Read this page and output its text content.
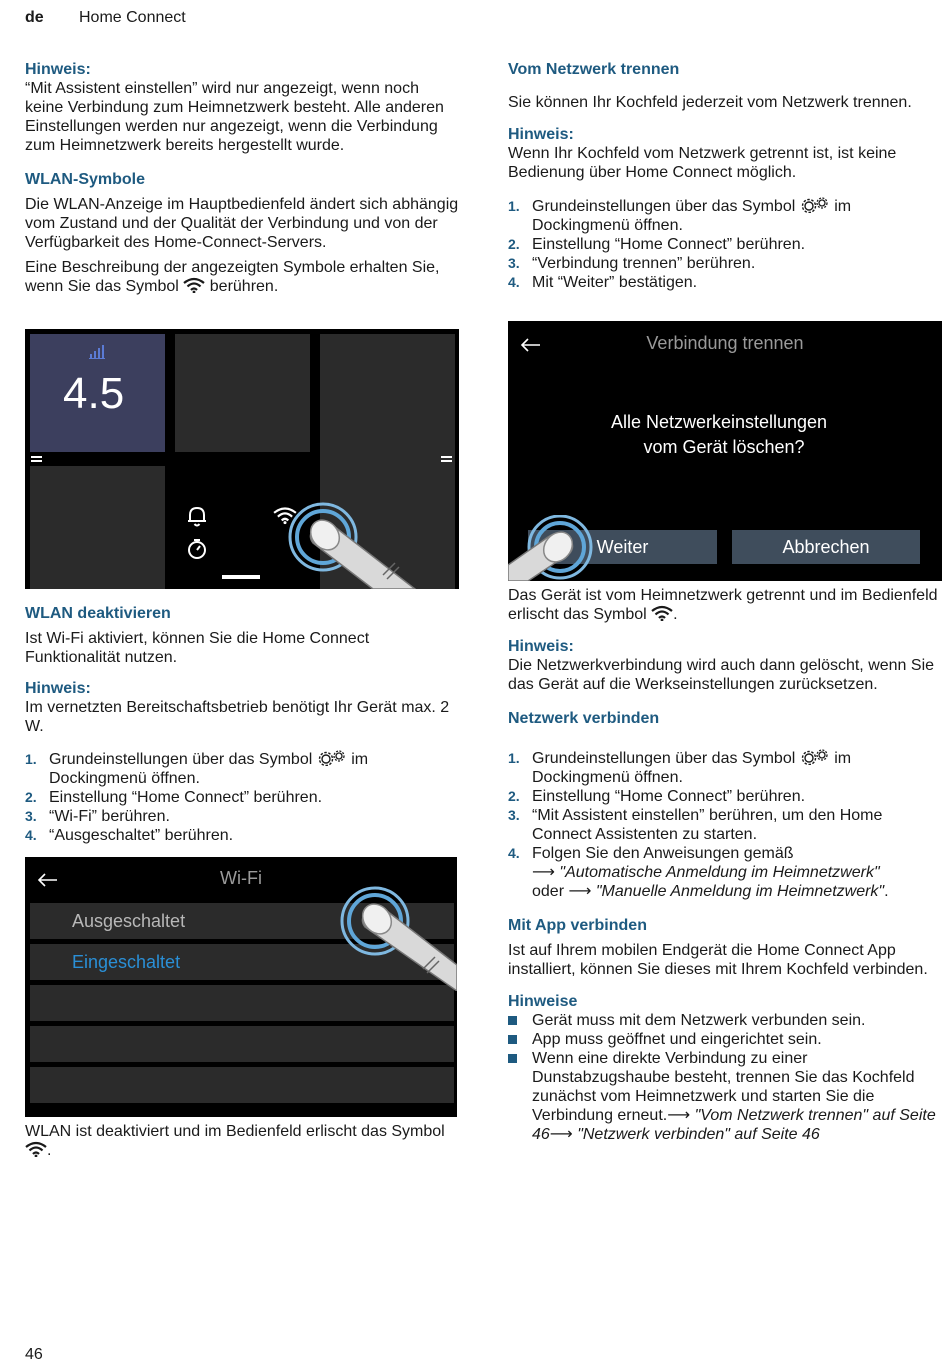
de Home Connect
Hinweis:

“Mit Assistent einstellen” wird nur angezeigt, wenn noch keine Verbindung zum Heimnetzwerk besteht. Alle anderen Einstellungen werden nur angezeigt, wenn die Verbindung zum Heimnetzwerk bereits hergestellt wurde.

WLAN-Symbole

Die WLAN-Anzeige im Hauptbedienfeld ändert sich abhängig vom Zustand und der Qualität der Verbindung und von der Verfügbarkeit des Home-Connect-Servers.

Eine Beschreibung der angezeigten Symbole erhalten Sie, wenn Sie das Symbol berühren.

4.5
WLAN deaktivieren

Ist Wi-Fi aktiviert, können Sie die Home Connect Funktionalität nutzen.

Hinweis:

Im vernetzten Bereitschaftsbetrieb benötigt Ihr Gerät max. 2 W.

1. Grundeinstellungen über das Symbol im Dockingmenü öffnen.
2. Einstellung “Home Connect” berühren.
3. “Wi-Fi” berühren.
4. “Ausgeschaltet” berühren.
Wi-Fi
Ausgeschaltet
Eingeschaltet

WLAN ist deaktiviert und im Bedienfeld erlischt das Symbol .

Vom Netzwerk trennen

Sie können Ihr Kochfeld jederzeit vom Netzwerk trennen.

Hinweis:

Wenn Ihr Kochfeld vom Netzwerk getrennt ist, ist keine Bedienung über Home Connect möglich.

1. Grundeinstellungen über das Symbol im Dockingmenü öffnen.
2. Einstellung “Home Connect” berühren.
3. “Verbindung trennen” berühren.
4. Mit “Weiter” bestätigen.
Verbindung trennen
Alle Netzwerkeinstellungen
vom Gerät löschen?
Weiter	Abbrechen

Das Gerät ist vom Heimnetzwerk getrennt und im Bedienfeld erlischt das Symbol .

Hinweis:

Die Netzwerkverbindung wird auch dann gelöscht, wenn Sie das Gerät auf die Werkseinstellungen zurücksetzen.

Netzwerk verbinden
1. Grundeinstellungen über das Symbol im Dockingmenü öffnen.
2. Einstellung “Home Connect” berühren.
3. “Mit Assistent einstellen” berühren, um den Home Connect Assistenten zu starten.
4. Folgen Sie den Anweisungen gemäß
⟶ "Automatische Anmeldung im Heimnetzwerk"
oder ⟶ "Manuelle Anmeldung im Heimnetzwerk".
Mit App verbinden

Ist auf Ihrem mobilen Endgerät die Home Connect App installiert, können Sie dieses mit Ihrem Kochfeld verbinden.

Hinweise
Gerät muss mit dem Netzwerk verbunden sein.
App muss geöffnet und eingerichtet sein.
Wenn eine direkte Verbindung zu einer Dunstabzugshaube besteht, trennen Sie das Kochfeld zunächst vom Heimnetzwerk und starten Sie die Verbindung erneut.⟶ "Vom Netzwerk trennen" auf Seite 46⟶ "Netzwerk verbinden" auf Seite 46
46
